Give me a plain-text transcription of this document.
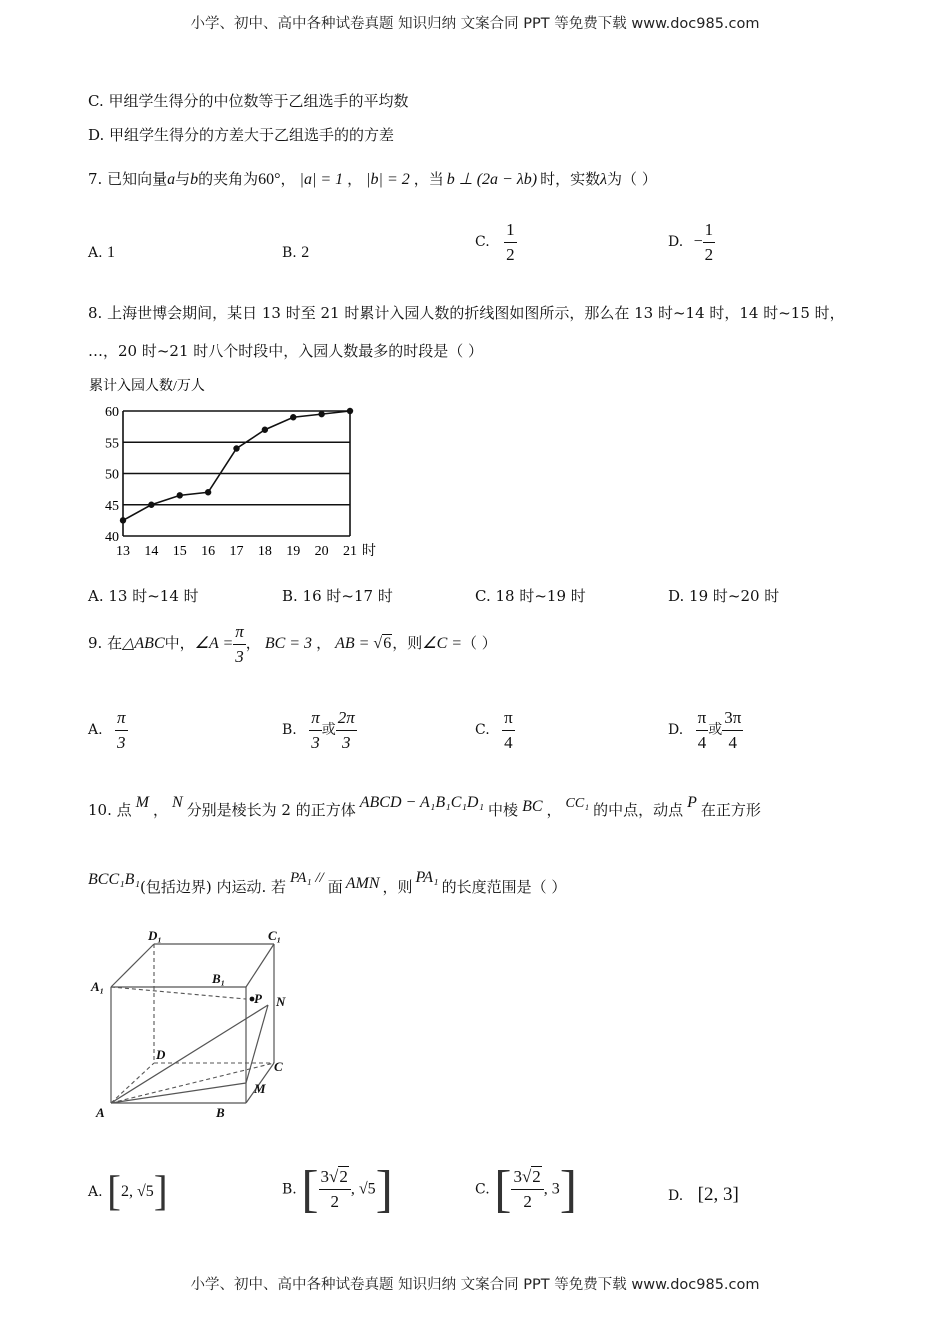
小学、初中、高中各种试卷真题 知识归纳 文案合同 PPT 等免费下载 www.doc985.com
C. 甲组学生得分的中位数等于乙组选手的平均数
D. 甲组学生得分的方差大于乙组选手的的方差
7. 已知向量a与b的夹角为60°， |a| = 1 ， |b| = 2 ，当 b ⊥ (2a − λb) 时，实数λ为（ ）
A. 1	B. 2
C. $\frac{1}{2}$	D. − $\frac{1}{2}$
8. 上海世博会期间，某日 13 时至 21 时累计入园人数的折线图如图所示，那么在 13 时~14 时，14 时~15 时，
…，20 时~21 时八个时段中，入园人数最多的时段是（ ）
累计入园人数/万人
40
45
50
55
60
13 14 15 16 17 18 19 20 21 时
A. 13 时~14 时	B. 16 时~17 时	C. 18 时~19 时	D. 19 时~20 时
9. 在△ABC中，∠A = $\frac{\pi}{3}$ ， BC = 3 ， AB = √6，则∠C =（ ）
A. $\frac{\pi}{3}$	B. $\frac{\pi}{3}$ 或 $\frac{2\pi}{3}$	C. $\frac{\pi}{4}$	D. $\frac{\pi}{4}$ 或 $\frac{3\pi}{4}$
10. 点 M ， N 分别是棱长为 2 的正方体 ABCD − A₁B₁C₁D₁ 中棱 BC ， CC₁ 的中点，动点 P 在正方形
BCC₁B₁(包括边界) 内运动. 若 PA₁ // 面 AMN ，则PA₁的长度范围是（ ）
D₁	C₁
A₁
B₁
P N
D
C
M
A	B
A. [2, √5]	B. [ $\frac{3√2}{2}$ , √5]	C. [ $\frac{3√2}{2}$ , 3]	D. [2, 3]
小学、初中、高中各种试卷真题 知识归纳 文案合同 PPT 等免费下载 www.doc985.com
